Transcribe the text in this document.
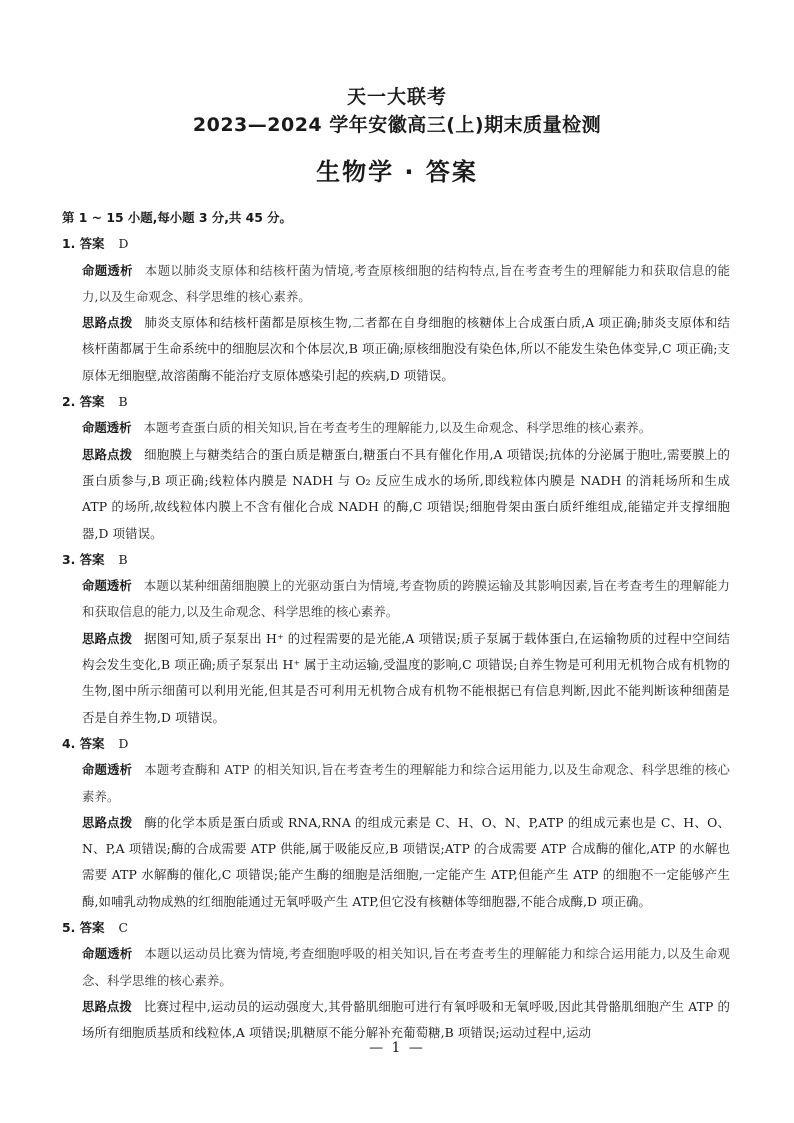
天一大联考
2023—2024 学年安徽高三(上)期末质量检测
生物学 · 答案
第 1 ~ 15 小题,每小题 3 分,共 45 分。
1. 答案 D
命题透析 本题以肺炎支原体和结核杆菌为情境,考查原核细胞的结构特点,旨在考查考生的理解能力和获取信息的能力,以及生命观念、科学思维的核心素养。
思路点拨 肺炎支原体和结核杆菌都是原核生物,二者都在自身细胞的核糖体上合成蛋白质,A 项正确;肺炎支原体和结核杆菌都属于生命系统中的细胞层次和个体层次,B 项正确;原核细胞没有染色体,所以不能发生染色体变异,C 项正确;支原体无细胞壁,故溶菌酶不能治疗支原体感染引起的疾病,D 项错误。
2. 答案 B
命题透析 本题考查蛋白质的相关知识,旨在考查考生的理解能力,以及生命观念、科学思维的核心素养。
思路点拨 细胞膜上与糖类结合的蛋白质是糖蛋白,糖蛋白不具有催化作用,A 项错误;抗体的分泌属于胞吐,需要膜上的蛋白质参与,B 项正确;线粒体内膜是 NADH 与 O₂ 反应生成水的场所,即线粒体内膜是 NADH 的消耗场所和生成 ATP 的场所,故线粒体内膜上不含有催化合成 NADH 的酶,C 项错误;细胞骨架由蛋白质纤维组成,能锚定并支撑细胞器,D 项错误。
3. 答案 B
命题透析 本题以某种细菌细胞膜上的光驱动蛋白为情境,考查物质的跨膜运输及其影响因素,旨在考查考生的理解能力和获取信息的能力,以及生命观念、科学思维的核心素养。
思路点拨 据图可知,质子泵泵出 H⁺ 的过程需要的是光能,A 项错误;质子泵属于载体蛋白,在运输物质的过程中空间结构会发生变化,B 项正确;质子泵泵出 H⁺ 属于主动运输,受温度的影响,C 项错误;自养生物是可利用无机物合成有机物的生物,图中所示细菌可以利用光能,但其是否可利用无机物合成有机物不能根据已有信息判断,因此不能判断该种细菌是否是自养生物,D 项错误。
4. 答案 D
命题透析 本题考查酶和 ATP 的相关知识,旨在考查考生的理解能力和综合运用能力,以及生命观念、科学思维的核心素养。
思路点拨 酶的化学本质是蛋白质或 RNA,RNA 的组成元素是 C、H、O、N、P,ATP 的组成元素也是 C、H、O、N、P,A 项错误;酶的合成需要 ATP 供能,属于吸能反应,B 项错误;ATP 的合成需要 ATP 合成酶的催化,ATP 的水解也需要 ATP 水解酶的催化,C 项错误;能产生酶的细胞是活细胞,一定能产生 ATP,但能产生 ATP 的细胞不一定能够产生酶,如哺乳动物成熟的红细胞能通过无氧呼吸产生 ATP,但它没有核糖体等细胞器,不能合成酶,D 项正确。
5. 答案 C
命题透析 本题以运动员比赛为情境,考查细胞呼吸的相关知识,旨在考查考生的理解能力和综合运用能力,以及生命观念、科学思维的核心素养。
思路点拨 比赛过程中,运动员的运动强度大,其骨骼肌细胞可进行有氧呼吸和无氧呼吸,因此其骨骼肌细胞产生 ATP 的场所有细胞质基质和线粒体,A 项错误;肌糖原不能分解补充葡萄糖,B 项错误;运动过程中,运动
— 1 —
